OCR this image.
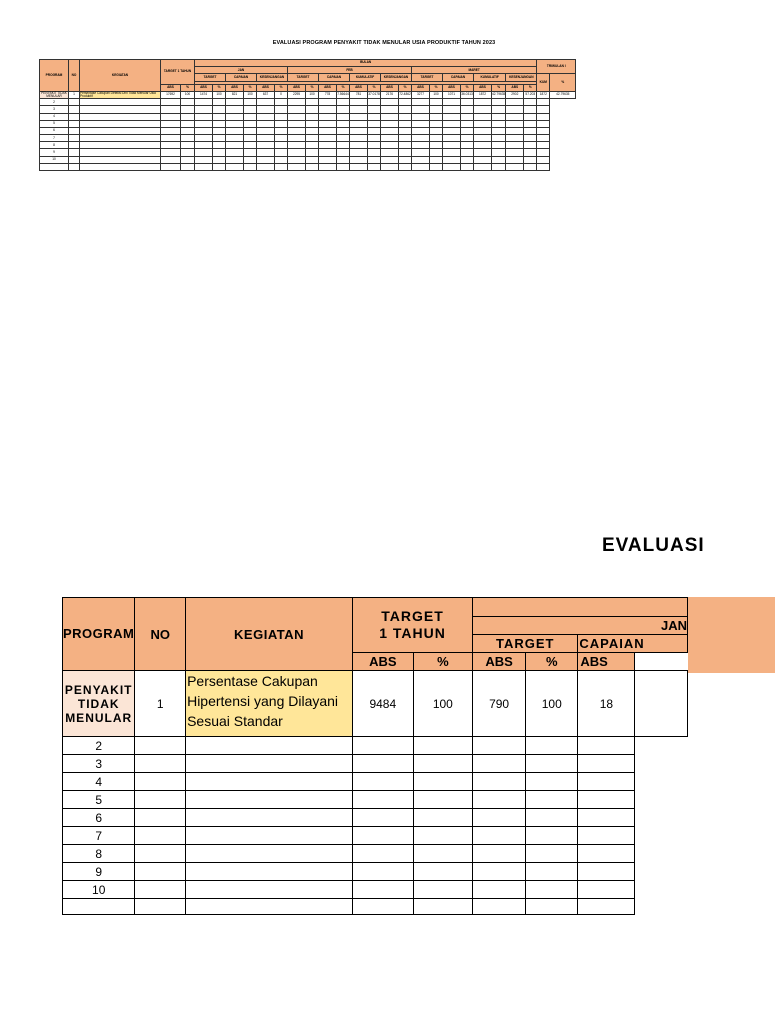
EVALUASI PROGRAM PENYAKIT TIDAK MENULAR USIA PRODUKTIF TAHUN 2023
PROGRAM	NO	KEGIATAN	TARGET 1 TAHUN		BULAN																						TRIWULAN I	
					JAN						FEB								MARET									
					TARGET		CAPAIAN		KESENJANGAN		TARGET		CAPAIAN		KUMULATIF		KESENJANGAN		TARGET		CAPAIAN		KUMULATIF		KESENJANGAN		KUM	%

			ABS	%	ABS	%	ABS	%	ABS	%	ABS	%	ABS	%	ABS	%	ABS	%	ABS	%	ABS	%	ABS	%	ABS	%		
PENYAKIT TIDAK MENULAR	1	Persentase Cakupan Deteksi Dini Tidak Menular Usia Produktif	17692	100	1474	100	821	100	637	0	2295	100	778	7.56644	781	37.0178	2176	72.4862	3277	100	1071	36.0313	1872	42.79635	2902	57.203	1872	42.79635
2																												
3																												
4																												
5																												
6																												
7																												
8																												
9																												
10																												

EVALUASI
PROGRAM	NO	KEGIATAN	TARGET 1 TAHUN					
					JAN			
					TARGET		CAPAIAN	
			ABS	%	ABS	%	ABS	
PENYAKIT TIDAK MENULAR	1	Persentase Cakupan Hipertensi yang Dilayani Sesuai Standar	9484	100	790	100	18	
2								
3								
4								
5								
6								
7								
8								
9								
10								
